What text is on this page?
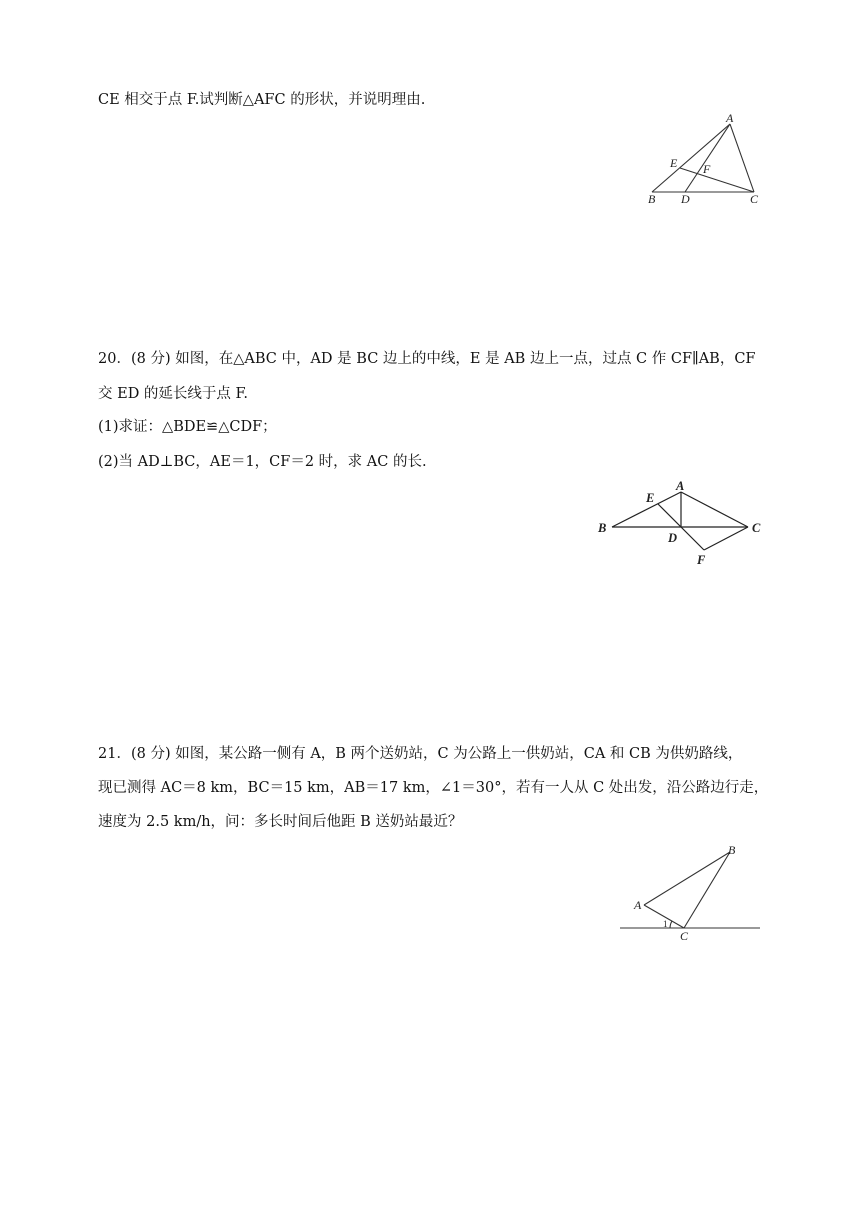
CE 相交于点 F.试判断△AFC 的形状，并说明理由.
A
E F
B D	C
20．(8 分) 如图，在△ABC 中，AD 是 BC 边上的中线，E 是 AB 边上一点，过点 C 作 CF∥AB，CF
交 ED 的延长线于点 F.
(1)求证：△BDE≌△CDF；
(2)当 AD⊥BC，AE＝1，CF＝2 时，求 AC 的长.
A
E
B	C
D
F
21．(8 分) 如图，某公路一侧有 A，B 两个送奶站，C 为公路上一供奶站，CA 和 CB 为供奶路线，
现已测得 AC＝8 km，BC＝15 km，AB＝17 km，∠1＝30°，若有一人从 C 处出发，沿公路边行走，
速度为 2.5 km/h，问：多长时间后他距 B 送奶站最近？
B
A
1
C
